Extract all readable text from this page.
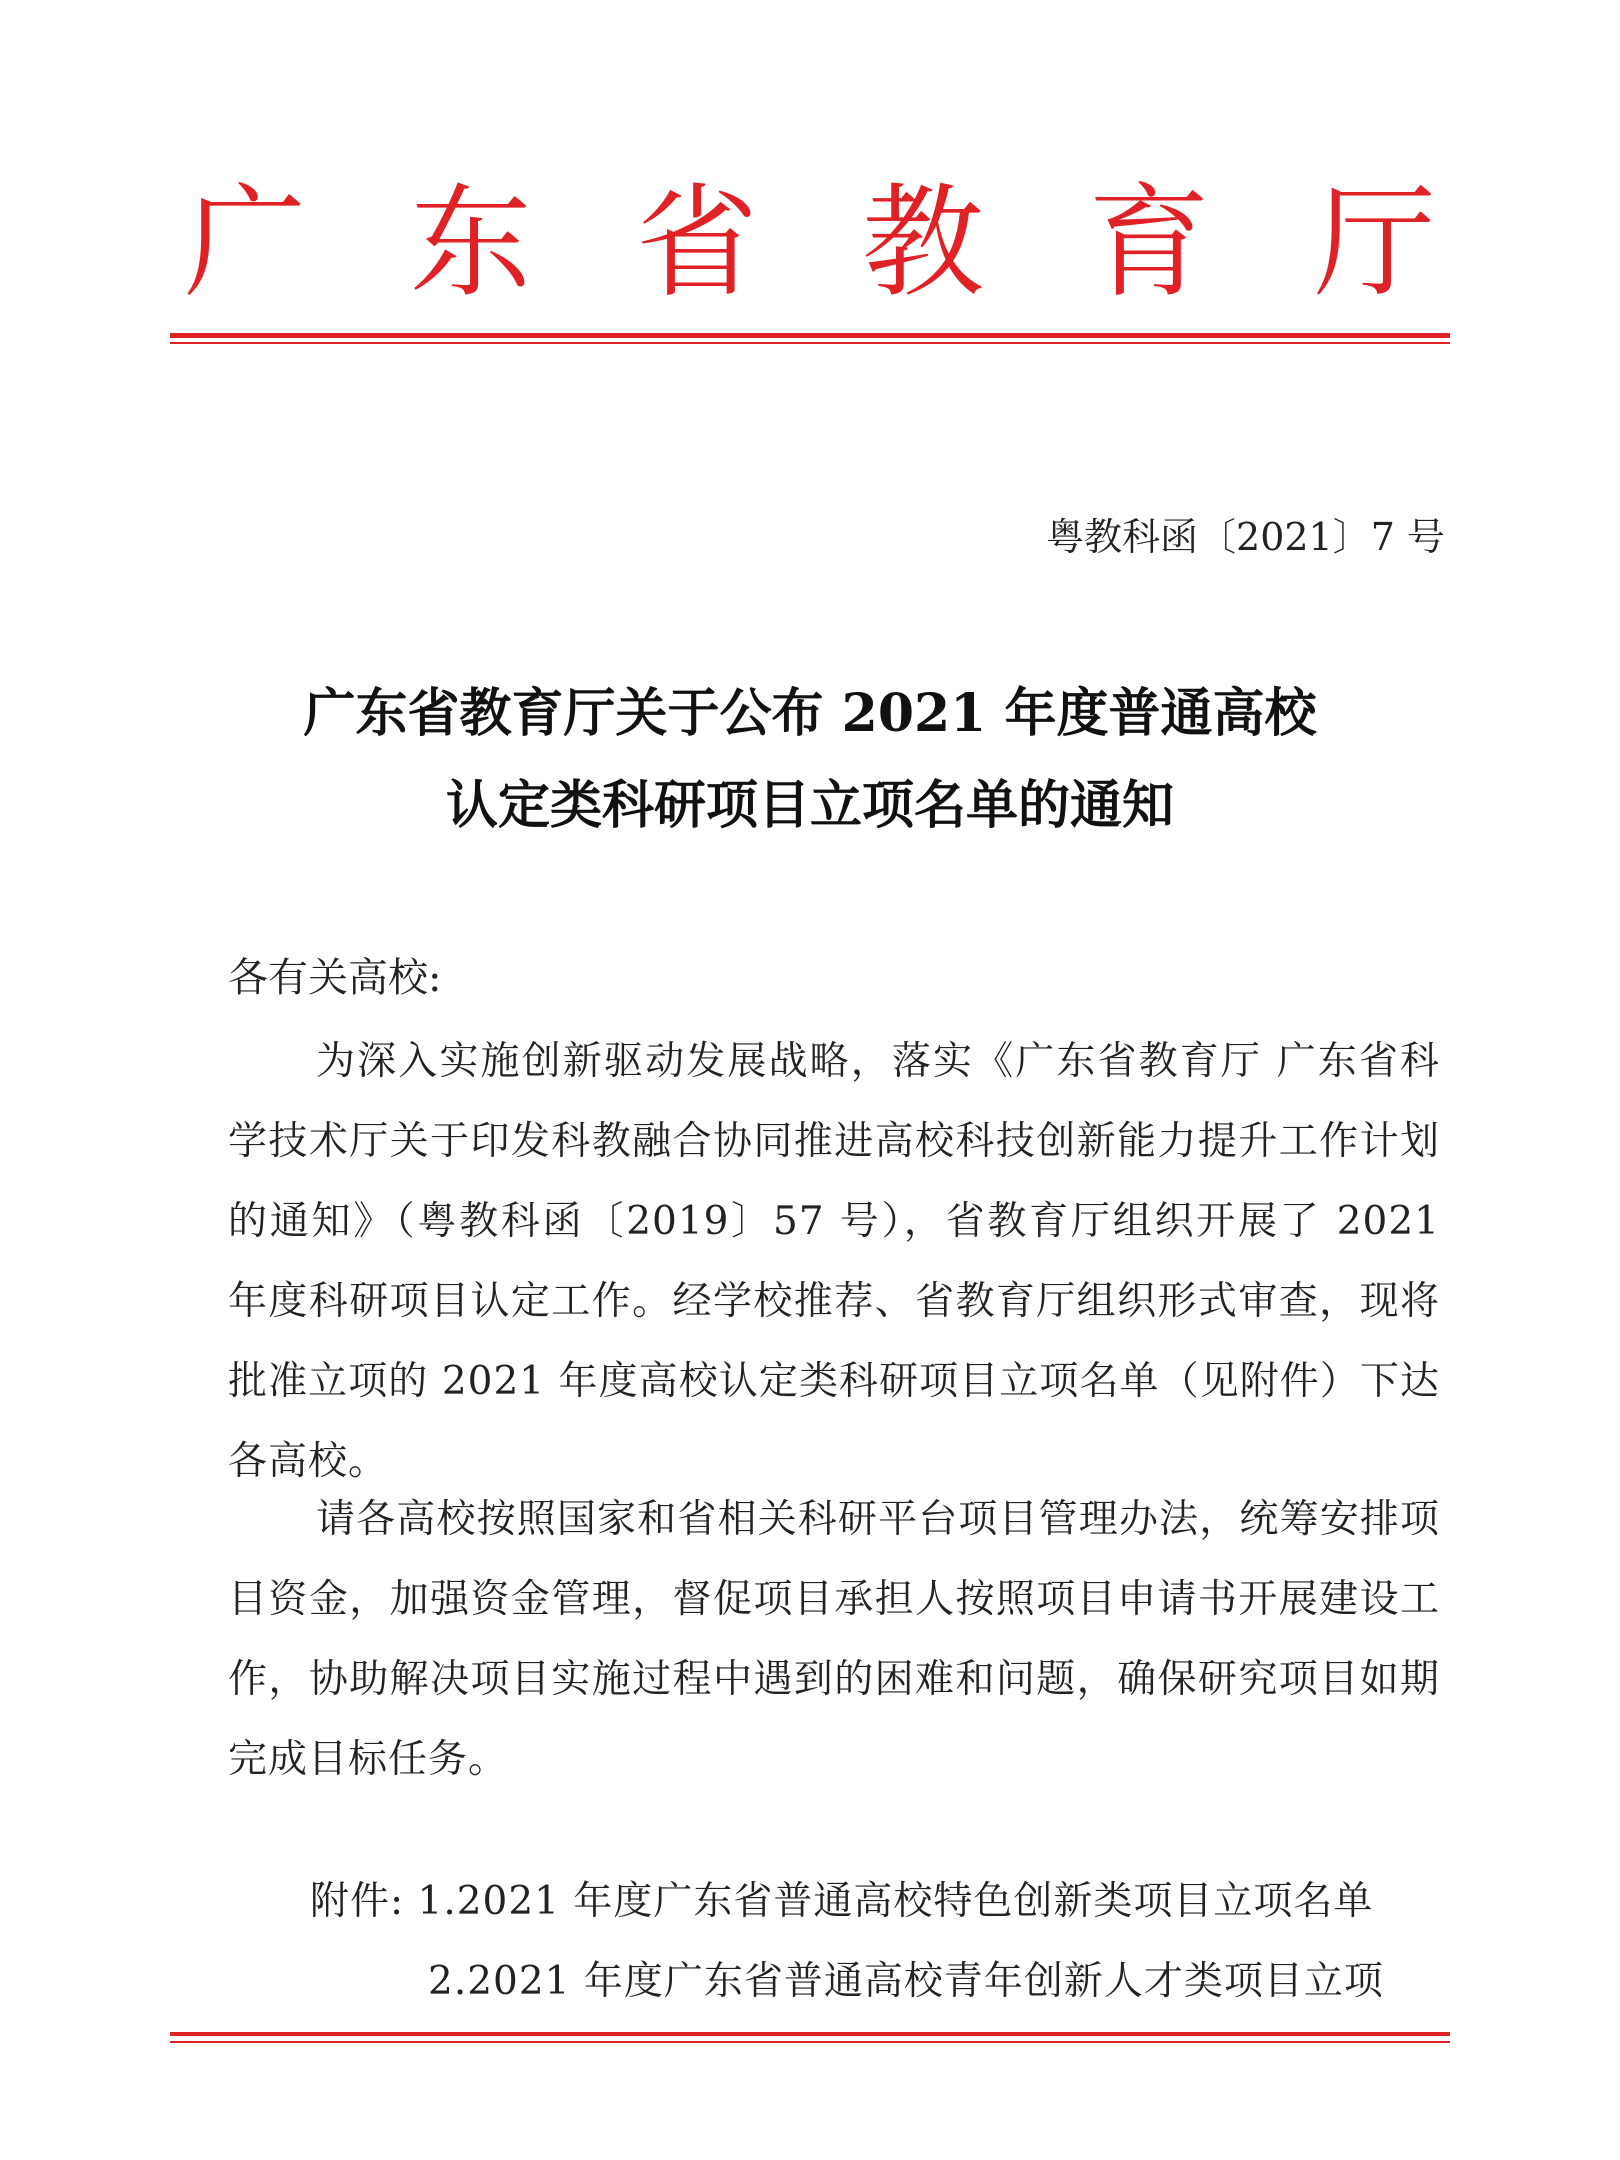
广 东 省 教 育 厅
粤教科函〔2021〕7 号
广东省教育厅关于公布 2021 年度普通高校
认定类科研项目立项名单的通知
各有关高校:
为深入实施创新驱动发展战略，落实《广东省教育厅 广东省科学技术厅关于印发科教融合协同推进高校科技创新能力提升工作计划的通知》（粤教科函〔2019〕57 号），省教育厅组织开展了 2021 年度科研项目认定工作。经学校推荐、省教育厅组织形式审查，现将批准立项的 2021 年度高校认定类科研项目立项名单（见附件）下达各高校。
请各高校按照国家和省相关科研平台项目管理办法，统筹安排项目资金，加强资金管理，督促项目承担人按照项目申请书开展建设工作，协助解决项目实施过程中遇到的困难和问题，确保研究项目如期完成目标任务。
附件: 1.2021 年度广东省普通高校特色创新类项目立项名单
2.2021 年度广东省普通高校青年创新人才类项目立项
